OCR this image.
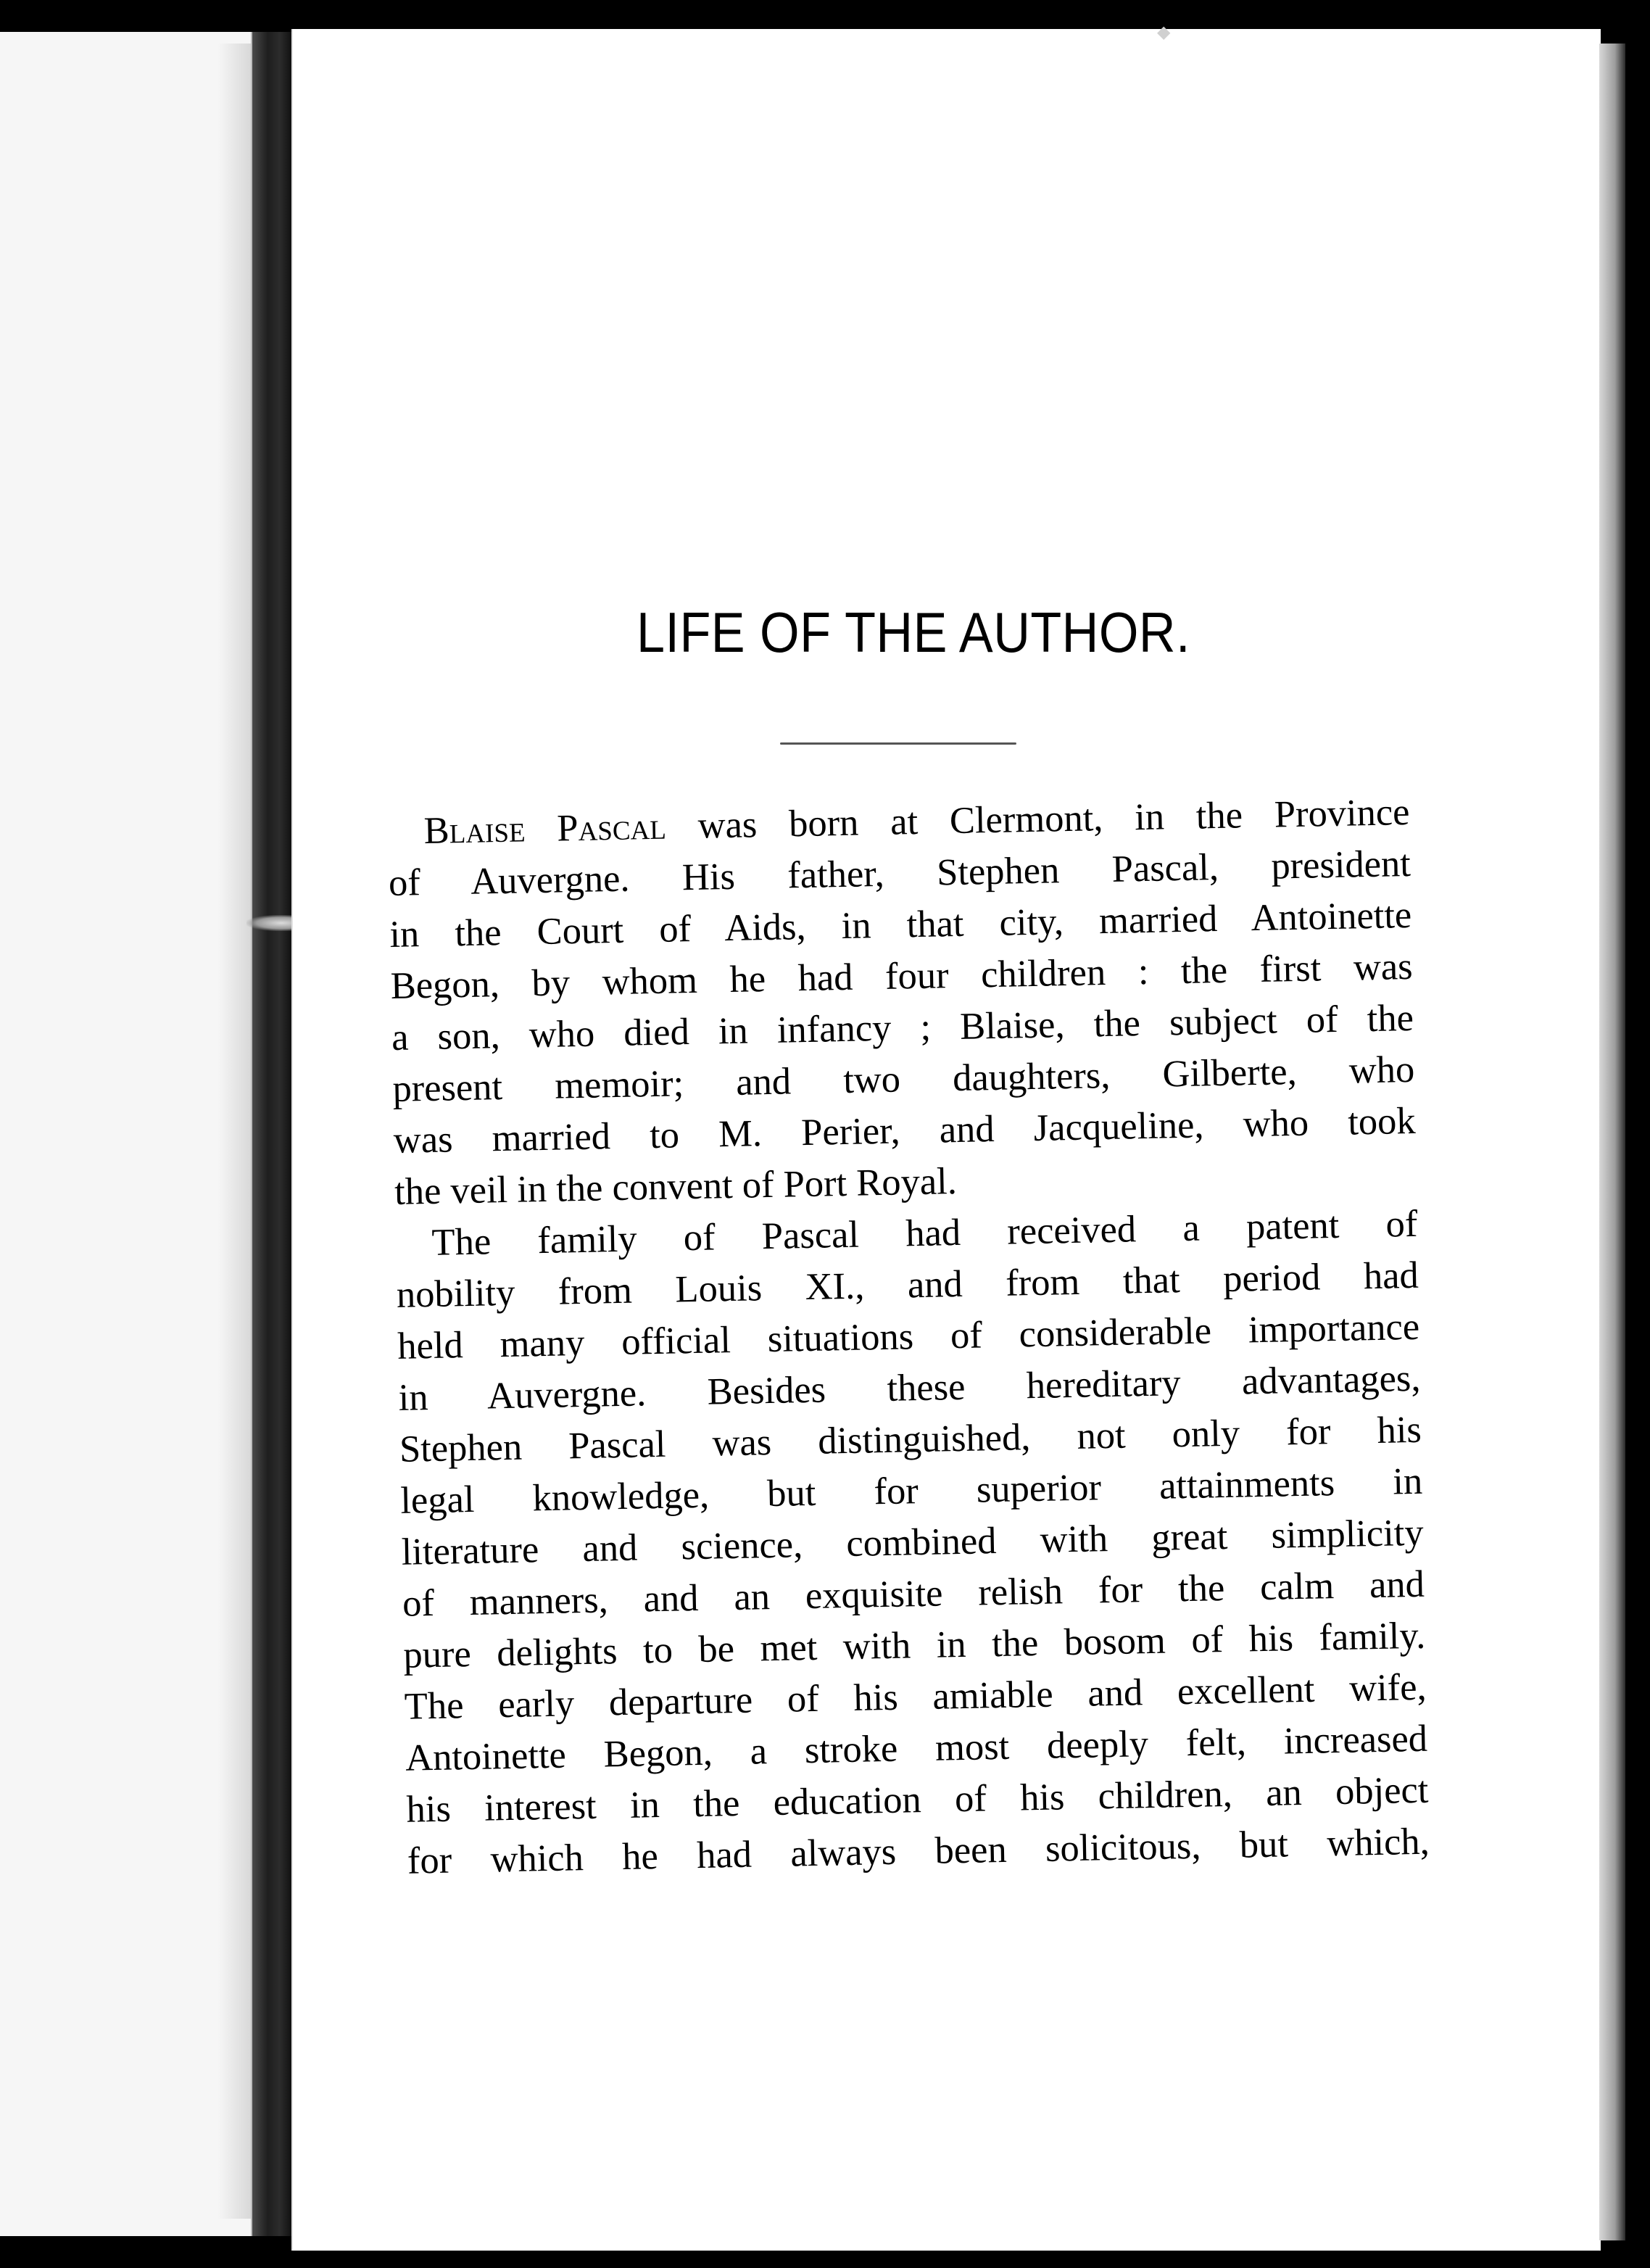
◆
LIFE OF THE AUTHOR.
Blaise Pascal was born at Clermont, in the Province
of Auvergne. His father, Stephen Pascal, president
in the Court of Aids, in that city, married Antoinette
Begon, by whom he had four children : the first was
a son, who died in infancy ; Blaise, the subject of the
present memoir; and two daughters, Gilberte, who
was married to M. Perier, and Jacqueline, who took
the veil in the convent of Port Royal.
The family of Pascal had received a patent of
nobility from Louis XI., and from that period had
held many official situations of considerable importance
in Auvergne. Besides these hereditary advantages,
Stephen Pascal was distinguished, not only for his
legal knowledge, but for superior attainments in
literature and science, combined with great simplicity
of manners, and an exquisite relish for the calm and
pure delights to be met with in the bosom of his family.
The early departure of his amiable and excellent wife,
Antoinette Begon, a stroke most deeply felt, increased
his interest in the education of his children, an object
for which he had always been solicitous, but which,
